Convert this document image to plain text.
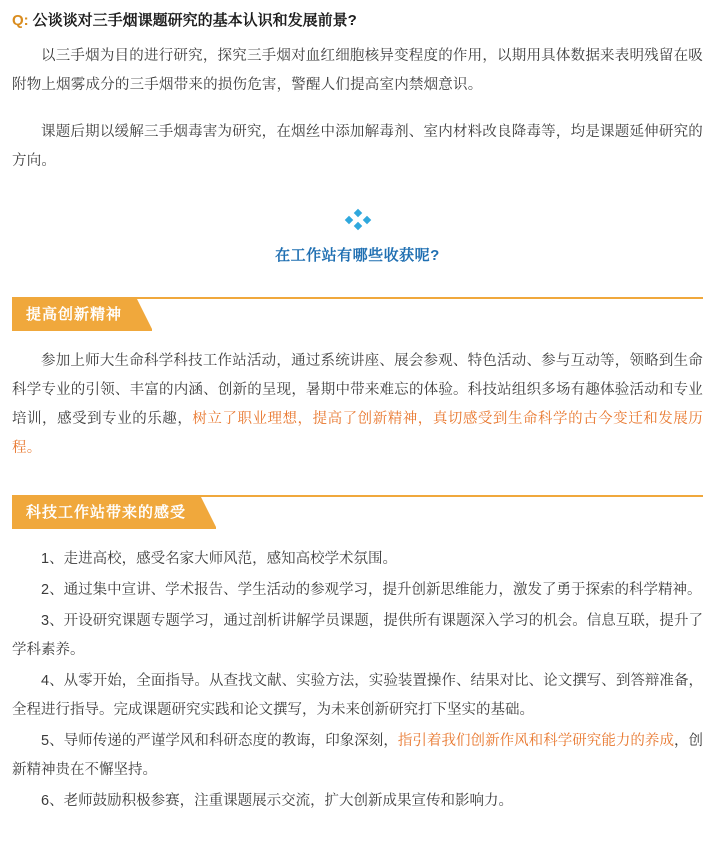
Q: 公谈谈对三手烟课题研究的基本认识和发展前景?

以三手烟为目的进行研究，探究三手烟对血红细胞核异变程度的作用，以期用具体数据来表明残留在吸附物上烟雾成分的三手烟带来的损伤危害，警醒人们提高室内禁烟意识。

课题后期以缓解三手烟毒害为研究，在烟丝中添加解毒剂、室内材料改良降毒等，均是课题延伸研究的方向。

在工作站有哪些收获呢?
提高创新精神

参加上师大生命科学科技工作站活动，通过系统讲座、展会参观、特色活动、参与互动等，领略到生命科学专业的引领、丰富的内涵、创新的呈现，暑期中带来难忘的体验。科技站组织多场有趣体验活动和专业培训，感受到专业的乐趣，树立了职业理想，提高了创新精神，真切感受到生命科学的古今变迁和发展历程。

科技工作站带来的感受

1、走进高校，感受名家大师风范，感知高校学术氛围。

2、通过集中宣讲、学术报告、学生活动的参观学习，提升创新思维能力，激发了勇于探索的科学精神。

3、开设研究课题专题学习，通过剖析讲解学员课题，提供所有课题深入学习的机会。信息互联，提升了学科素养。

4、从零开始，全面指导。从查找文献、实验方法，实验装置操作、结果对比、论文撰写、到答辩准备，全程进行指导。完成课题研究实践和论文撰写，为未来创新研究打下坚实的基础。

5、导师传递的严谨学风和科研态度的教诲，印象深刻，指引着我们创新作风和科学研究能力的养成，创新精神贵在不懈坚持。

6、老师鼓励积极参赛，注重课题展示交流，扩大创新成果宣传和影响力。
